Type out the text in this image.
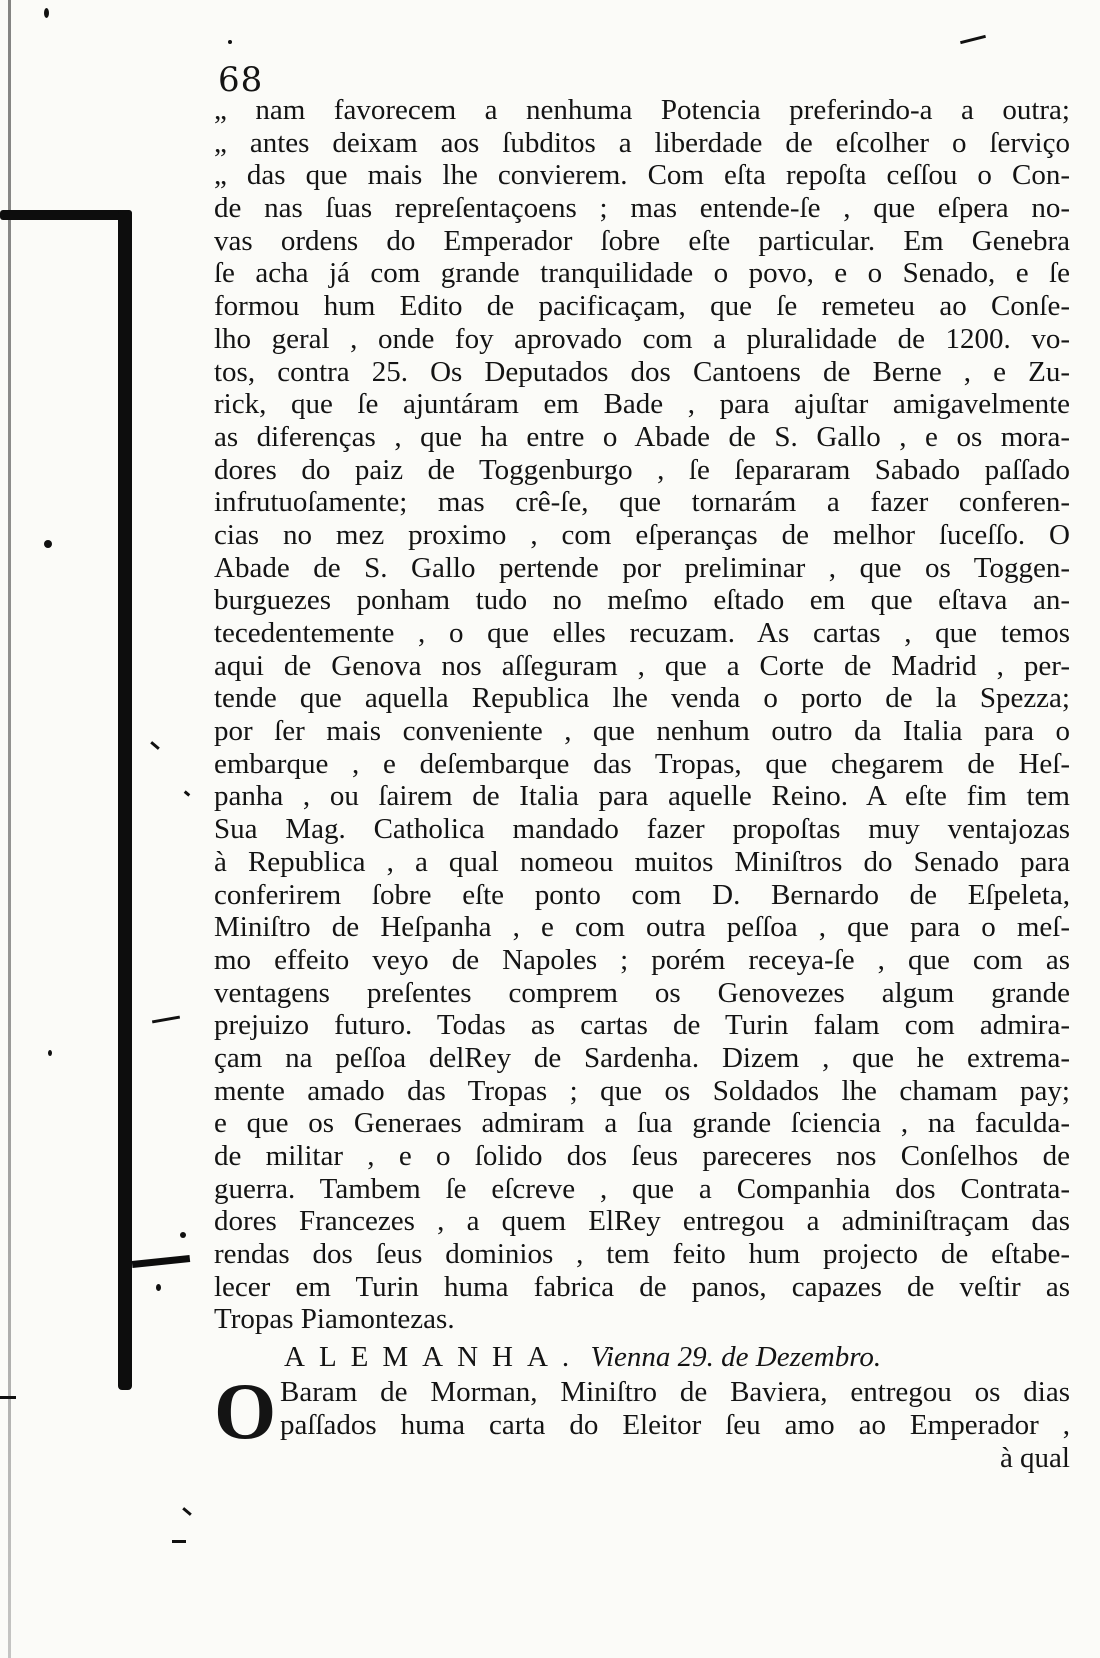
68
„ nam favorecem a nenhuma Potencia preferindo-a a outra;
„ antes deixam aos ſubditos a liberdade de eſcolher o ſerviço
„ das que mais lhe convierem. Com eſta repoſta ceſſou o Con-
de nas ſuas repreſentaçoens ; mas entende-ſe , que eſpera no-
vas ordens do Emperador ſobre eſte particular. Em Genebra
ſe acha já com grande tranquilidade o povo, e o Senado, e ſe
formou hum Edito de pacificaçam, que ſe remeteu ao Conſe-
lho geral , onde foy aprovado com a pluralidade de 1200. vo-
tos, contra 25. Os Deputados dos Cantoens de Berne , e Zu-
rick, que ſe ajuntáram em Bade , para ajuſtar amigavelmente
as diferenças , que ha entre o Abade de S. Gallo , e os mora-
dores do paiz de Toggenburgo , ſe ſepararam Sabado paſſado
infrutuoſamente; mas crê-ſe, que tornarám a fazer conferen-
cias no mez proximo , com eſperanças de melhor ſuceſſo. O
Abade de S. Gallo pertende por preliminar , que os Toggen-
burguezes ponham tudo no meſmo eſtado em que eſtava an-
tecedentemente , o que elles recuzam. As cartas , que temos
aqui de Genova nos aſſeguram , que a Corte de Madrid , per-
tende que aquella Republica lhe venda o porto de la Spezza;
por ſer mais conveniente , que nenhum outro da Italia para o
embarque , e deſembarque das Tropas, que chegarem de Heſ-
panha , ou ſairem de Italia para aquelle Reino. A eſte fim tem
Sua Mag. Catholica mandado fazer propoſtas muy ventajozas
à Republica , a qual nomeou muitos Miniſtros do Senado para
conferirem ſobre eſte ponto com D. Bernardo de Eſpeleta,
Miniſtro de Heſpanha , e com outra peſſoa , que para o meſ-
mo effeito veyo de Napoles ; porém receya-ſe , que com as
ventagens preſentes comprem os Genovezes algum grande
prejuizo futuro. Todas as cartas de Turin falam com admira-
çam na peſſoa delRey de Sardenha. Dizem , que he extrema-
mente amado das Tropas ; que os Soldados lhe chamam pay;
e que os Generaes admiram a ſua grande ſciencia , na faculda-
de militar , e o ſolido dos ſeus pareceres nos Conſelhos de
guerra. Tambem ſe eſcreve , que a Companhia dos Contrata-
dores Francezes , a quem ElRey entregou a adminiſtraçam das
rendas dos ſeus dominios , tem feito hum projecto de eſtabe-
lecer em Turin huma fabrica de panos, capazes de veſtir as
Tropas Piamontezas.
ALEMANHA. Vienna 29. de Dezembro.
O Baram de Morman, Miniſtro de Baviera, entregou os dias
paſſados huma carta do Eleitor ſeu amo ao Emperador ,
à qual
